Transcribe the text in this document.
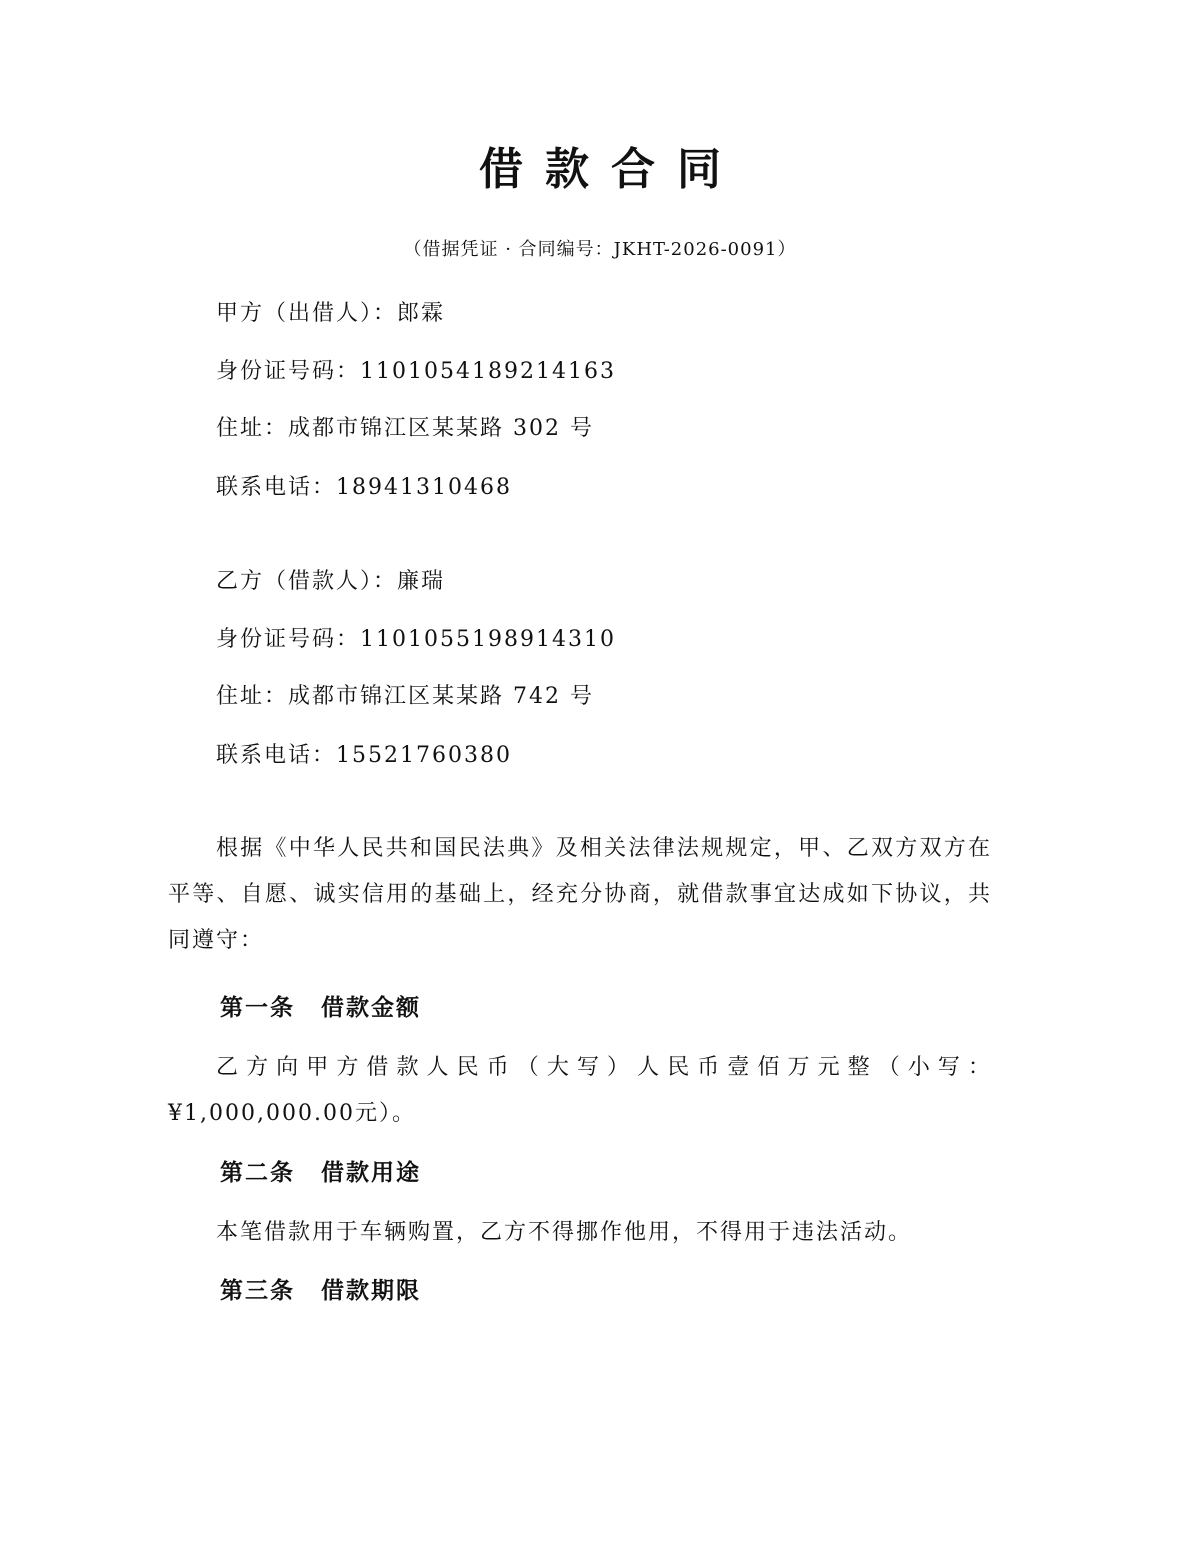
借款合同
（借据凭证 · 合同编号：JKHT-2026-0091）
甲方（出借人）：郎霖
身份证号码：1101054189214163
住址：成都市锦江区某某路 302 号
联系电话：18941310468
乙方（借款人）：廉瑞
身份证号码：1101055198914310
住址：成都市锦江区某某路 742 号
联系电话：15521760380

根据《中华人民共和国民法典》及相关法律法规规定，甲、乙双方双方在平等、自愿、诚实信用的基础上，经充分协商，就借款事宜达成如下协议，共同遵守：

第一条 借款金额

乙方向甲方借款人民币（大写）人民币壹佰万元整（小写：¥1,000,000.00元）。

第二条 借款用途

本笔借款用于车辆购置，乙方不得挪作他用，不得用于违法活动。

第三条 借款期限
